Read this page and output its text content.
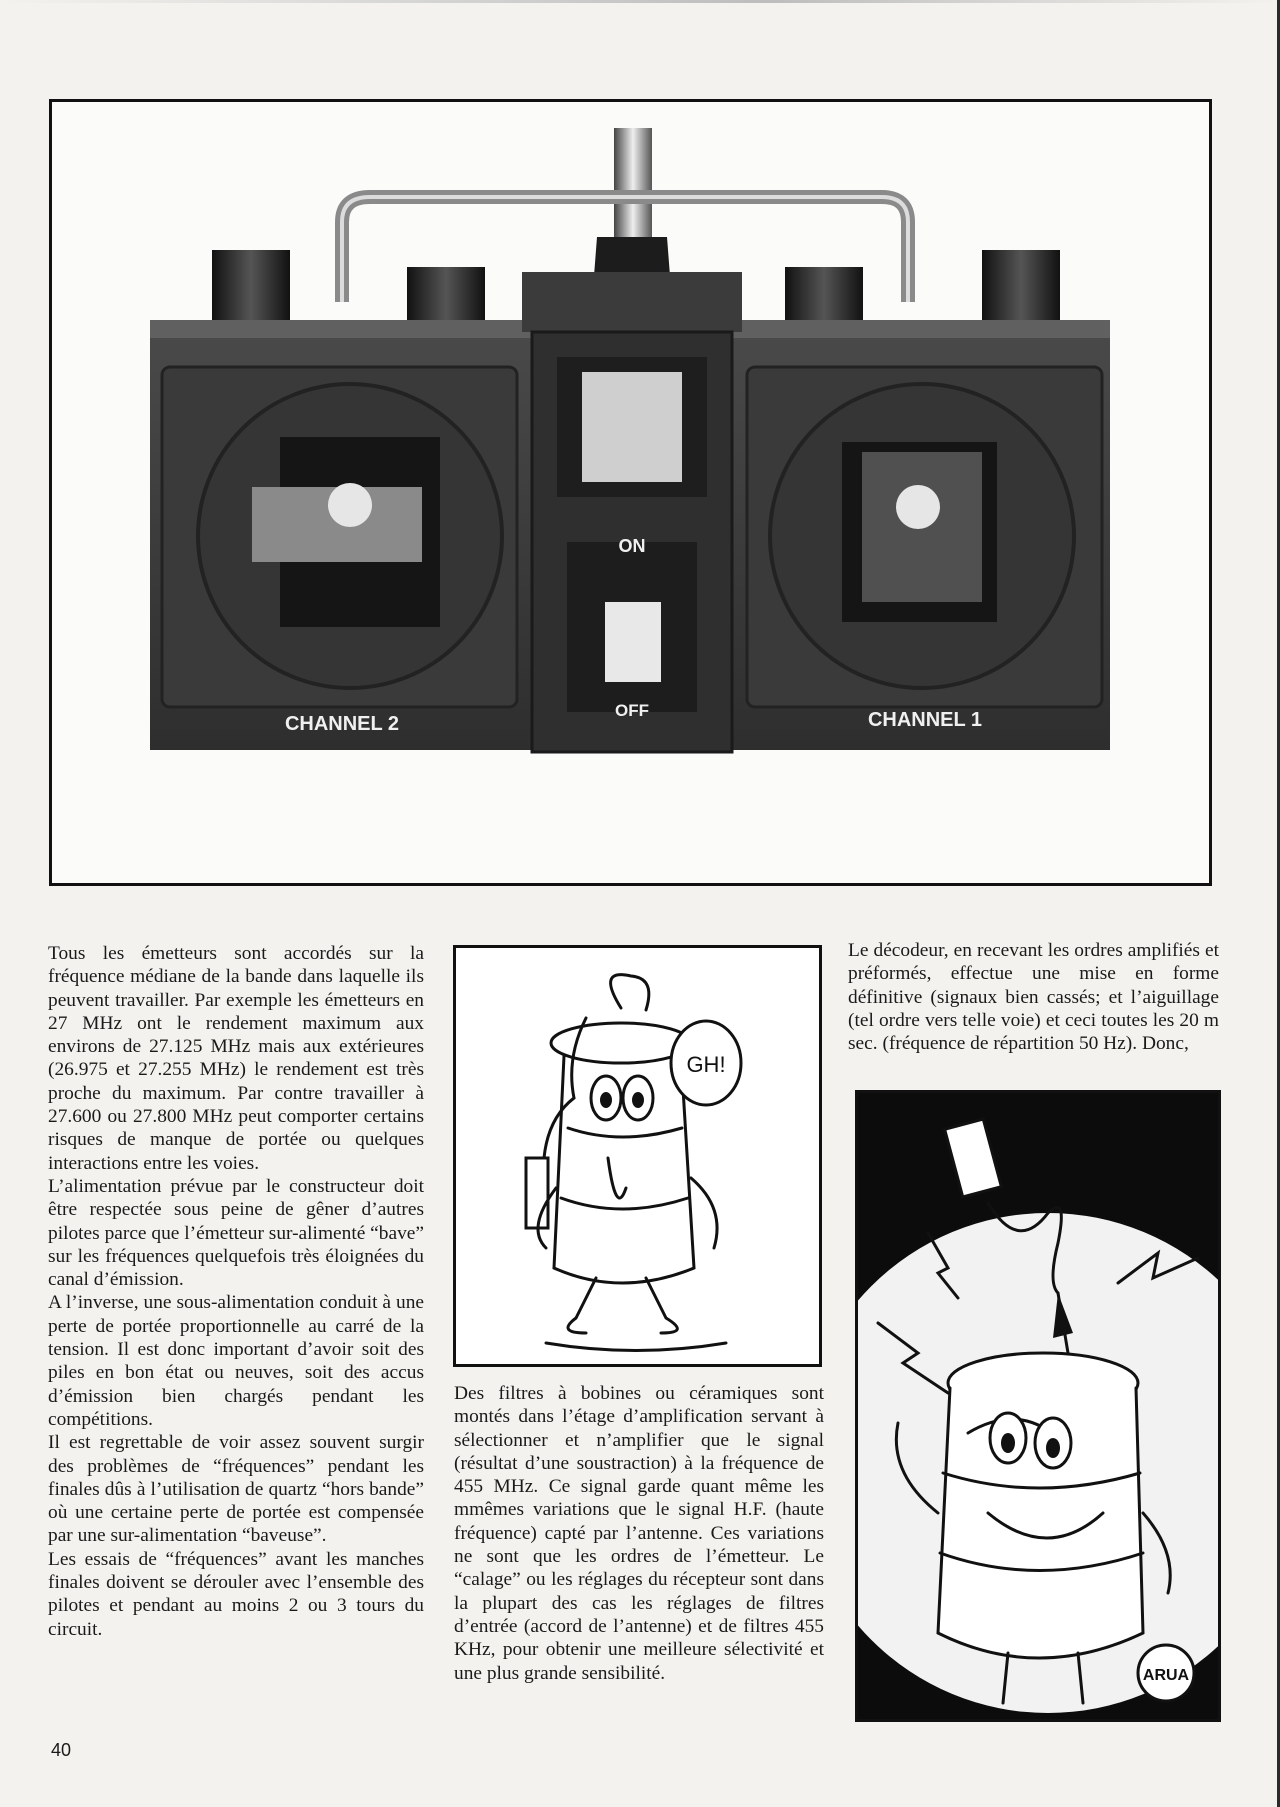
ON
OFF
CHANNEL 2	CHANNEL 1

Tous les émetteurs sont accordés sur la fréquence médiane de la bande dans laquelle ils peuvent travailler. Par exemple les émetteurs en 27 MHz ont le rendement maximum aux environs de 27.125 MHz mais aux extérieures (26.975 et 27.255 MHz) le rendement est très proche du maximum. Par contre travailler à 27.600 ou 27.800 MHz peut comporter certains risques de manque de portée ou quelques interactions entre les voies.

L’alimentation prévue par le constructeur doit être respectée sous peine de gêner d’autres pilotes parce que l’émetteur sur-alimenté “bave” sur les fréquences quelquefois très éloignées du canal d’émission.

A l’inverse, une sous-alimentation conduit à une perte de portée proportionnelle au carré de la tension. Il est donc important d’avoir soit des piles en bon état ou neuves, soit des accus d’émission bien chargés pendant les compétitions.

Il est regrettable de voir assez souvent surgir des problèmes de “fréquences” pendant les finales dûs à l’utilisation de quartz “hors bande” où une certaine perte de portée est compensée par une sur-alimentation “baveuse”.

Les essais de “fréquences” avant les manches finales doivent se dérouler avec l’ensemble des pilotes et pendant au moins 2 ou 3 tours du circuit.

GH!

Des filtres à bobines ou céramiques sont montés dans l’étage d’amplification servant à sélectionner et n’amplifier que le signal (résultat d’une soustraction) à la fréquence de 455 MHz. Ce signal garde quant même les mmêmes variations que le signal H.F. (haute fréquence) capté par l’antenne. Ces variations ne sont que les ordres de l’émetteur. Le “calage” ou les réglages du récepteur sont dans la plupart des cas les réglages de filtres d’entrée (accord de l’antenne) et de filtres 455 KHz, pour obtenir une meilleure sélectivité et une plus grande sensibilité.

Le décodeur, en recevant les ordres amplifiés et préformés, effectue une mise en forme définitive (signaux bien cassés; et l’aiguillage (tel ordre vers telle voie) et ceci toutes les 20 m sec. (fréquence de répartition 50 Hz). Donc,

ARUA
40
